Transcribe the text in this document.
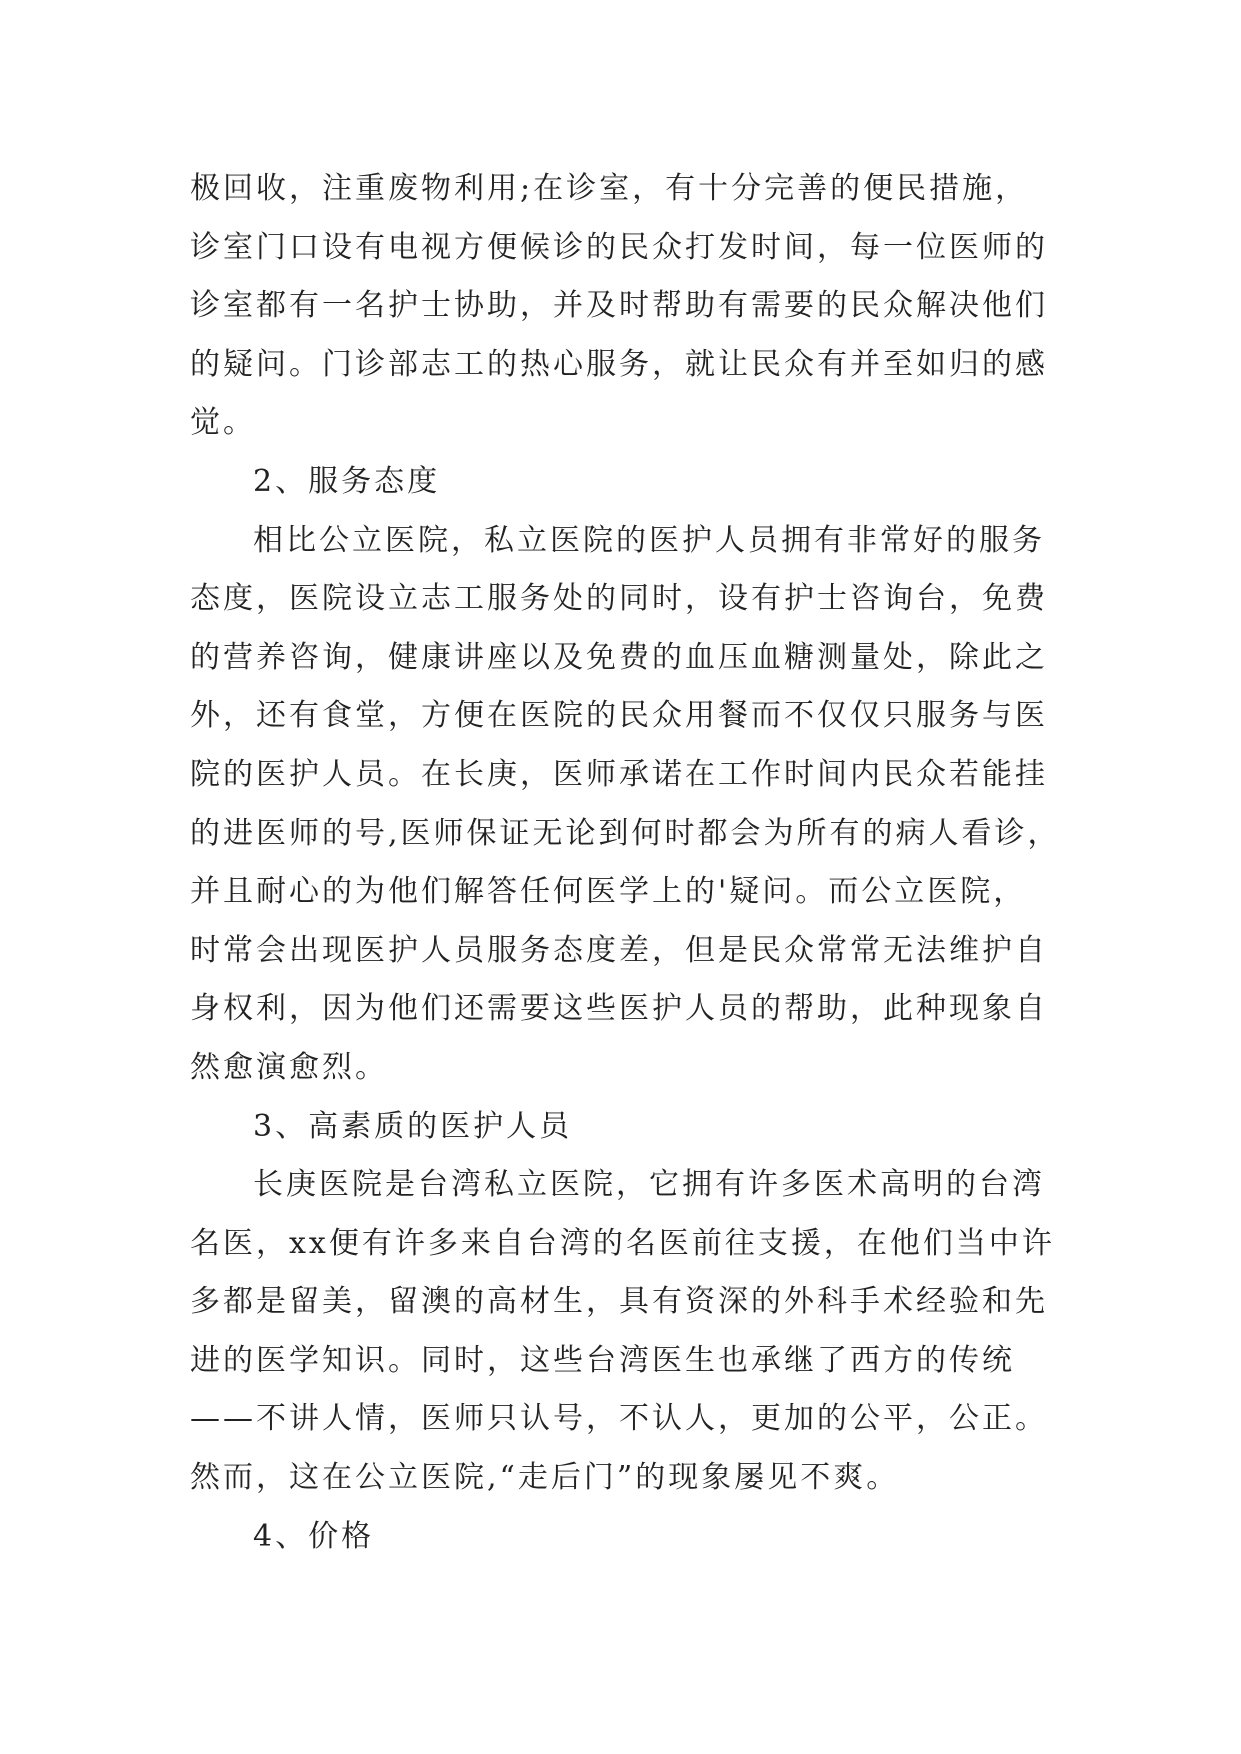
极回收，注重废物利用;在诊室，有十分完善的便民措施，
诊室门口设有电视方便候诊的民众打发时间，每一位医师的
诊室都有一名护士协助，并及时帮助有需要的民众解决他们
的疑问。门诊部志工的热心服务，就让民众有并至如归的感
觉。

2、服务态度

相比公立医院，私立医院的医护人员拥有非常好的服务
态度，医院设立志工服务处的同时，设有护士咨询台，免费
的营养咨询，健康讲座以及免费的血压血糖测量处，除此之
外，还有食堂，方便在医院的民众用餐而不仅仅只服务与医
院的医护人员。在长庚，医师承诺在工作时间内民众若能挂
的进医师的号,医师保证无论到何时都会为所有的病人看诊，
并且耐心的为他们解答任何医学上的'疑问。而公立医院，
时常会出现医护人员服务态度差，但是民众常常无法维护自
身权利，因为他们还需要这些医护人员的帮助，此种现象自
然愈演愈烈。

3、高素质的医护人员

长庚医院是台湾私立医院，它拥有许多医术高明的台湾
名医，xx便有许多来自台湾的名医前往支援，在他们当中许
多都是留美，留澳的高材生，具有资深的外科手术经验和先
进的医学知识。同时，这些台湾医生也承继了西方的传统
——不讲人情，医师只认号，不认人，更加的公平，公正。
然而，这在公立医院,“走后门”的现象屡见不爽。

4、价格
